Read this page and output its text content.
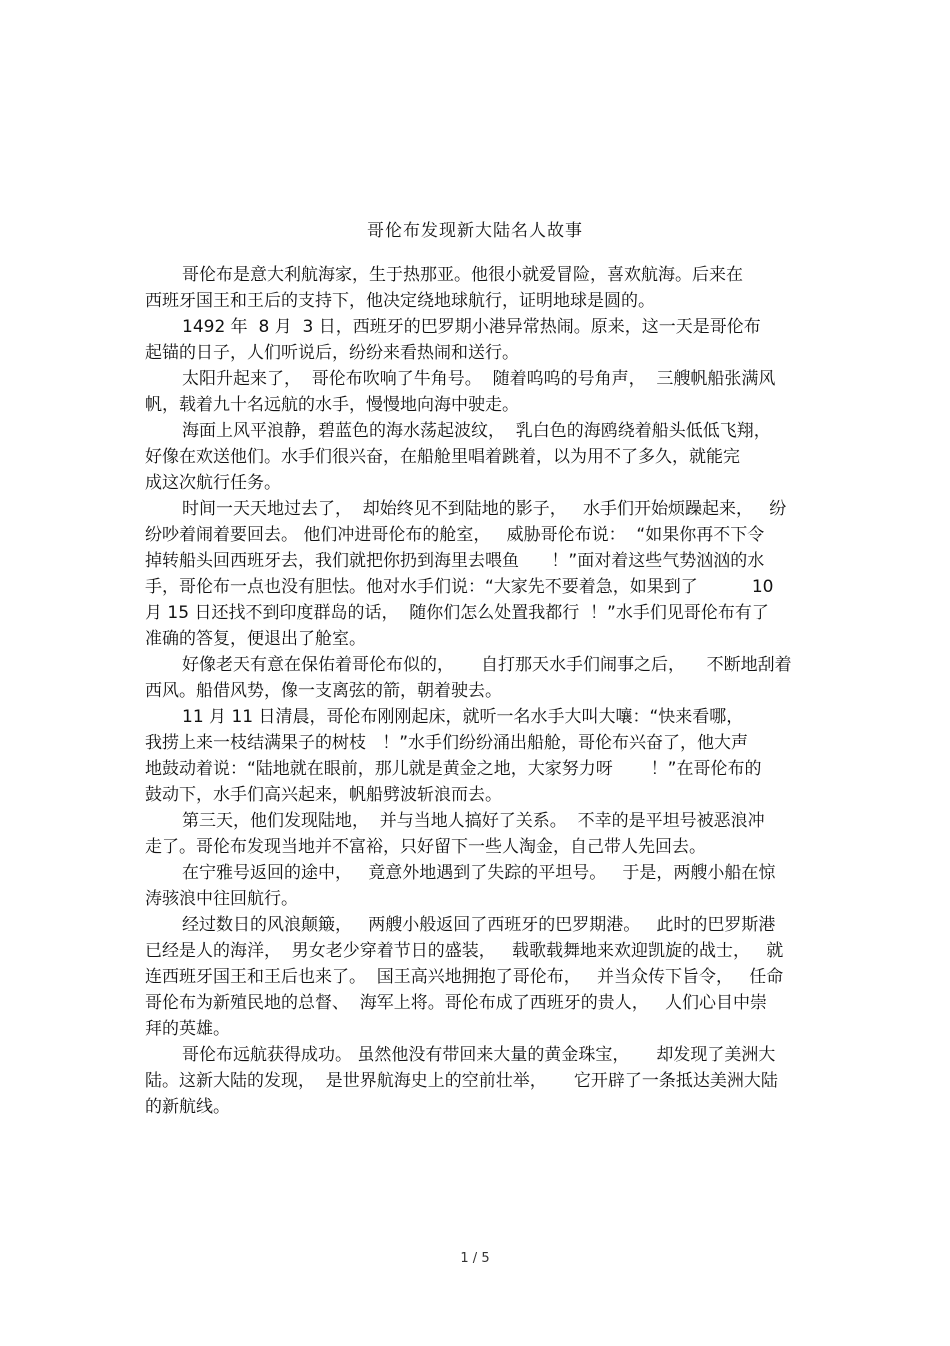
哥伦布发现新大陆名人故事
哥伦布是意大利航海家，生于热那亚。他很小就爱冒险，喜欢航海。后来在
西班牙国王和王后的支持下，他决定绕地球航行，证明地球是圆的。
1492 年  8 月  3 日，西班牙的巴罗期小港异常热闹。原来，这一天是哥伦布
起锚的日子，人们听说后，纷纷来看热闹和送行。
太阳升起来了，  哥伦布吹响了牛角号。  随着呜呜的号角声，  三艘帆船张满风
帆，载着九十名远航的水手，慢慢地向海中驶走。
海面上风平浪静，碧蓝色的海水荡起波纹，  乳白色的海鸥绕着船头低低飞翔，
好像在欢送他们。水手们很兴奋，在船舱里唱着跳着，以为用不了多久，就能完
成这次航行任务。
时间一天天地过去了，  却始终见不到陆地的影子，   水手们开始烦躁起来，   纷
纷吵着闹着要回去。 他们冲进哥伦布的舱室，   威胁哥伦布说：  “如果你再不下令
掉转船头回西班牙去，我们就把你扔到海里去喂鱼      ！”面对着这些气势汹汹的水
手，哥伦布一点也没有胆怯。他对水手们说：“大家先不要着急，如果到了          10
月 15 日还找不到印度群岛的话，  随你们怎么处置我都行  ！”水手们见哥伦布有了
准确的答复，便退出了舱室。
好像老天有意在保佑着哥伦布似的，     自打那天水手们闹事之后，    不断地刮着
西风。船借风势，像一支离弦的箭，朝着驶去。
11 月 11 日清晨，哥伦布刚刚起床，就听一名水手大叫大嚷：“快来看哪，
我捞上来一枝结满果子的树枝   ！”水手们纷纷涌出船舱，哥伦布兴奋了，他大声
地鼓动着说：“陆地就在眼前，那儿就是黄金之地，大家努力呀       ！”在哥伦布的
鼓动下，水手们高兴起来，帆船劈波斩浪而去。
第三天，他们发现陆地，  并与当地人搞好了关系。  不幸的是平坦号被恶浪冲
走了。哥伦布发现当地并不富裕，只好留下一些人淘金，自己带人先回去。
在宁雅号返回的途中，   竟意外地遇到了失踪的平坦号。   于是，两艘小船在惊
涛骇浪中往回航行。
经过数日的风浪颠簸，   两艘小般返回了西班牙的巴罗期港。   此时的巴罗斯港
已经是人的海洋，  男女老少穿着节日的盛装，   载歌载舞地来欢迎凯旋的战士，   就
连西班牙国王和王后也来了。  国王高兴地拥抱了哥伦布，   并当众传下旨令，   任命
哥伦布为新殖民地的总督、  海军上将。哥伦布成了西班牙的贵人，   人们心目中崇
拜的英雄。
哥伦布远航获得成功。 虽然他没有带回来大量的黄金珠宝，     却发现了美洲大
陆。这新大陆的发现，  是世界航海史上的空前壮举，     它开辟了一条抵达美洲大陆
的新航线。
1 / 5
